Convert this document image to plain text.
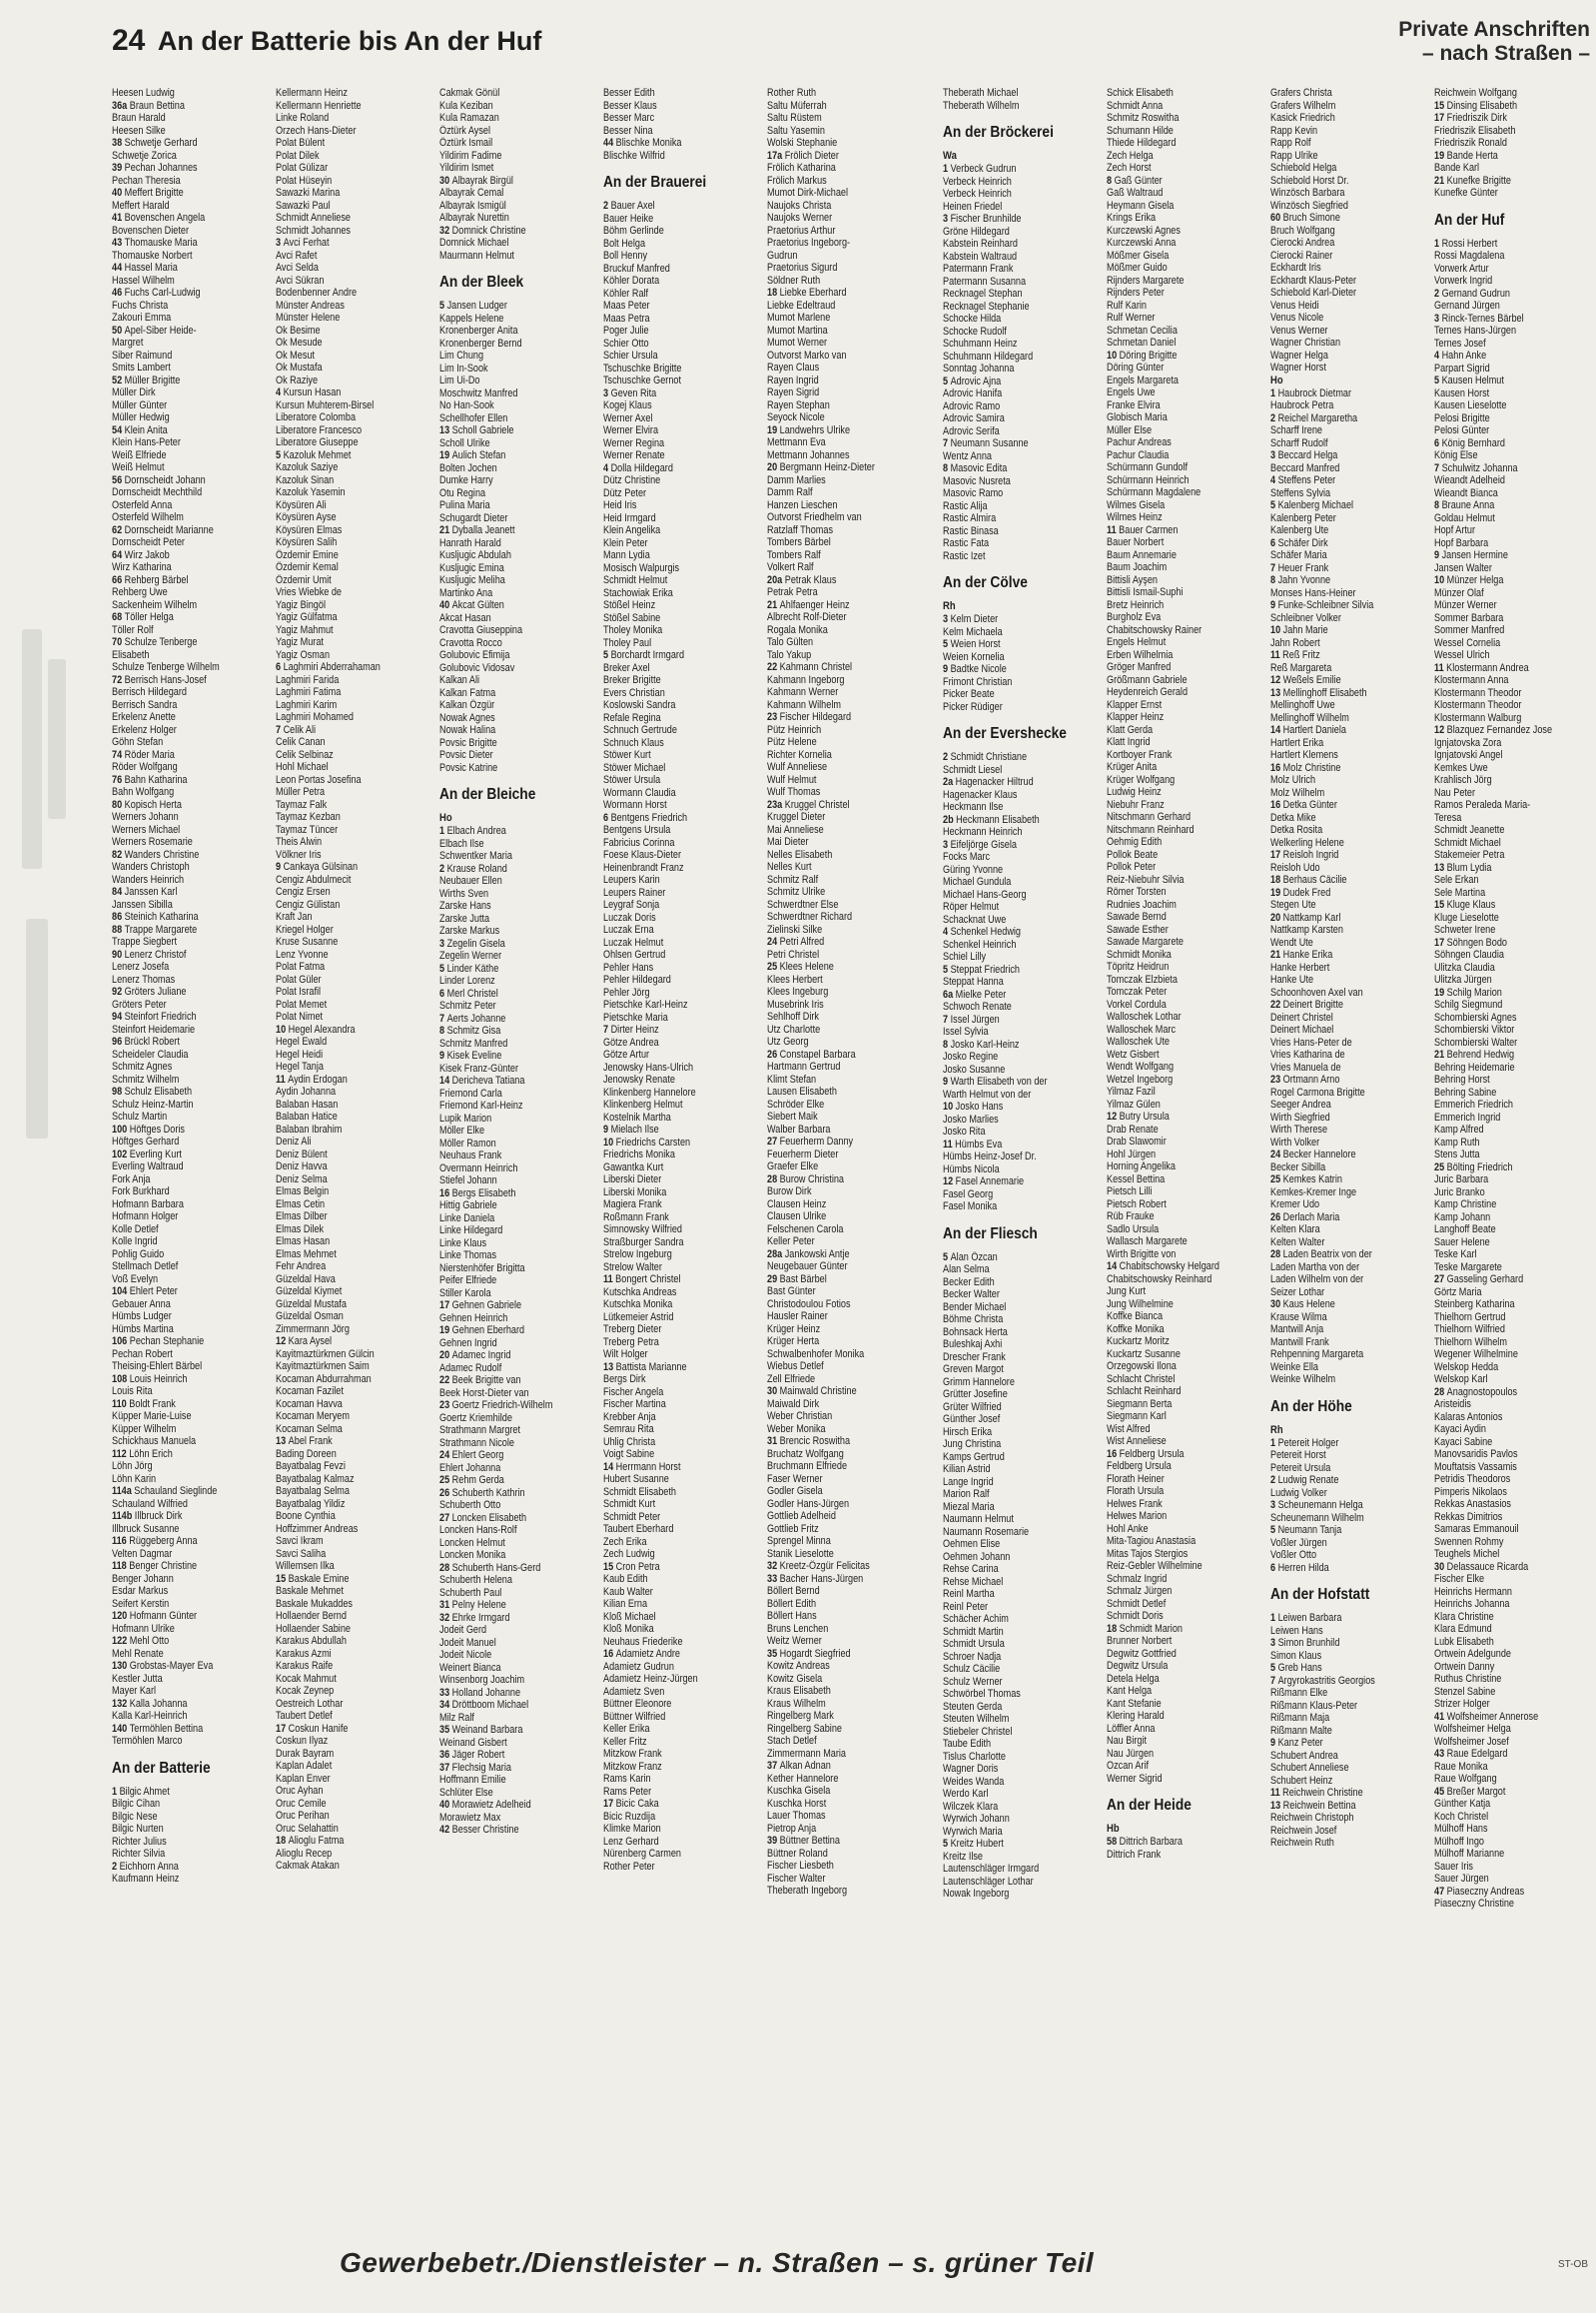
24 An der Batterie bis An der Huf	Private Anschriften
– nach Straßen –
Heesen Ludwig
36a Braun Bettina
Braun Harald
Heesen Silke
38 Schwetje Gerhard
Schwetje Zorica
39 Pechan Johannes
Pechan Theresia
40 Meffert Brigitte
Meffert Harald
41 Bovenschen Angela
Bovenschen Dieter
43 Thomauske Maria
Thomauske Norbert
44 Hassel Maria
Hassel Wilhelm
46 Fuchs Carl-Ludwig
Fuchs Christa
Zakouri Emma
50 Apel-Siber Heide-
Margret
Siber Raimund
Smits Lambert
52 Müller Brigitte
Müller Dirk
Müller Günter
Müller Hedwig
54 Klein Anita
Klein Hans-Peter
Weiß Elfriede
Weiß Helmut
56 Dornscheidt Johann
Dornscheidt Mechthild
Osterfeld Anna
Osterfeld Wilhelm
62 Dornscheidt Marianne
Dornscheidt Peter
64 Wirz Jakob
Wirz Katharina
66 Rehberg Bärbel
Rehberg Uwe
Sackenheim Wilhelm
68 Töller Helga
Töller Rolf
70 Schulze Tenberge
Elisabeth
Schulze Tenberge Wilhelm
72 Berrisch Hans-Josef
Berrisch Hildegard
Berrisch Sandra
Erkelenz Anette
Erkelenz Holger
Göhn Stefan
74 Röder Maria
Röder Wolfgang
76 Bahn Katharina
Bahn Wolfgang
80 Kopisch Herta
Werners Johann
Werners Michael
Werners Rosemarie
82 Wanders Christine
Wanders Christoph
Wanders Heinrich
84 Janssen Karl
Janssen Sibilla
86 Steinich Katharina
88 Trappe Margarete
Trappe Siegbert
90 Lenerz Christof
Lenerz Josefa
Lenerz Thomas
92 Gröters Juliane
Gröters Peter
94 Steinfort Friedrich
Steinfort Heidemarie
96 Brückl Robert
Scheideler Claudia
Schmitz Agnes
Schmitz Wilhelm
98 Schulz Elisabeth
Schulz Heinz-Martin
Schulz Martin
100 Höftges Doris
Höftges Gerhard
102 Everling Kurt
Everling Waltraud
Fork Anja
Fork Burkhard
Hofmann Barbara
Hofmann Holger
Kolle Detlef
Kolle Ingrid
Pohlig Guido
Stellmach Detlef
Voß Evelyn
104 Ehlert Peter
Gebauer Anna
Hümbs Ludger
Hümbs Martina
106 Pechan Stephanie
Pechan Robert
Theising-Ehlert Bärbel
108 Louis Heinrich
Louis Rita
110 Boldt Frank
Küpper Marie-Luise
Küpper Wilhelm
Schickhaus Manuela
112 Löhn Erich
Löhn Jörg
Löhn Karin
114a Schauland Sieglinde
Schauland Wilfried
114b Illbruck Dirk
Illbruck Susanne
116 Rüggeberg Anna
Velten Dagmar
118 Benger Christine
Benger Johann
Esdar Markus
Seifert Kerstin
120 Hofmann Günter
Hofmann Ulrike
122 Mehl Otto
Mehl Renate
130 Grobstas-Mayer Eva
Kestler Jutta
Mayer Karl
132 Kalla Johanna
Kalla Karl-Heinrich
140 Termöhlen Bettina
Termöhlen Marco
An der Batterie
1 Bilgic Ahmet
Bilgic Cihan
Bilgic Nese
Bilgic Nurten
Richter Julius
Richter Silvia
2 Eichhorn Anna
Kaufmann Heinz
Kellermann Heinz
Kellermann Henriette
Linke Roland
Orzech Hans-Dieter
Polat Bülent
Polat Dilek
Polat Gülizar
Polat Hüseyin
Sawazki Marina
Sawazki Paul
Schmidt Anneliese
Schmidt Johannes
3 Avci Ferhat
Avci Rafet
Avci Selda
Avci Sükran
Bodenbenner Andre
Münster Andreas
Münster Helene
Ok Besime
Ok Mesude
Ok Mesut
Ok Mustafa
Ok Raziye
4 Kursun Hasan
Kursun Muhterem-Birsel
Liberatore Colomba
Liberatore Francesco
Liberatore Giuseppe
5 Kazoluk Mehmet
Kazoluk Saziye
Kazoluk Sinan
Kazoluk Yasemin
Köysüren Ali
Köysüren Ayse
Köysüren Elmas
Köysüren Salih
Özdemir Emine
Özdemir Kemal
Özdemir Umit
Vries Wiebke de
Yagiz Bingöl
Yagiz Gülfatma
Yagiz Mahmut
Yagiz Murat
Yagiz Osman
6 Laghmiri Abderrahaman
Laghmiri Farida
Laghmiri Fatima
Laghmiri Karim
Laghmiri Mohamed
7 Celik Ali
Celik Canan
Celik Selbinaz
Hohl Michael
Leon Portas Josefina
Müller Petra
Taymaz Falk
Taymaz Kezban
Taymaz Tüncer
Theis Alwin
Völkner Iris
9 Cankaya Gülsinan
Cengiz Abdulmecit
Cengiz Ersen
Cengiz Gülistan
Kraft Jan
Kriegel Holger
Kruse Susanne
Lenz Yvonne
Polat Fatma
Polat Güler
Polat Israfil
Polat Memet
Polat Nimet
10 Hegel Alexandra
Hegel Ewald
Hegel Heidi
Hegel Tanja
11 Aydin Erdogan
Aydin Johanna
Balaban Hasan
Balaban Hatice
Balaban Ibrahim
Deniz Ali
Deniz Bülent
Deniz Havva
Deniz Selma
Elmas Belgin
Elmas Cetin
Elmas Dilber
Elmas Dilek
Elmas Hasan
Elmas Mehmet
Fehr Andrea
Güzeldal Hava
Güzeldal Kiymet
Güzeldal Mustafa
Güzeldal Osman
Zimmermann Jörg
12 Kara Aysel
Kayitmaztürkmen Gülcin
Kayitmaztürkmen Saim
Kocaman Abdurrahman
Kocaman Fazilet
Kocaman Havva
Kocaman Meryem
Kocaman Selma
13 Abel Frank
Bading Doreen
Bayatbalag Fevzi
Bayatbalag Kalmaz
Bayatbalag Selma
Bayatbalag Yildiz
Boone Cynthia
Hoffzimmer Andreas
Savci Ikram
Savci Saliha
Willemsen Ilka
15 Baskale Emine
Baskale Mehmet
Baskale Mukaddes
Hollaender Bernd
Hollaender Sabine
Karakus Abdullah
Karakus Azmi
Karakus Raife
Kocak Mahmut
Kocak Zeynep
Oestreich Lothar
Taubert Detlef
17 Coskun Hanife
Coskun Ilyaz
Durak Bayram
Kaplan Adalet
Kaplan Enver
Oruc Ayhan
Oruc Cemile
Oruc Perihan
Oruc Selahattin
18 Alioglu Fatma
Alioglu Recep
Cakmak Atakan
Cakmak Gönül
Kula Keziban
Kula Ramazan
Öztürk Aysel
Öztürk Ismail
Yildirim Fadime
Yildirim Ismet
30 Albayrak Birgül
Albayrak Cemal
Albayrak Ismigül
Albayrak Nurettin
32 Domnick Christine
Domnick Michael
Maurmann Helmut
An der Bleek
5 Jansen Ludger
Kappels Helene
Kronenberger Anita
Kronenberger Bernd
Lim Chung
Lim In-Sook
Lim Ui-Do
Moschwitz Manfred
No Han-Sook
Schellhofer Ellen
13 Scholl Gabriele
Scholl Ulrike
19 Aulich Stefan
Bolten Jochen
Dumke Harry
Otu Regina
Pulina Maria
Schugardt Dieter
21 Dyballa Jeanett
Hanrath Harald
Kusljugic Abdulah
Kusljugic Emina
Kusljugic Meliha
Martinko Ana
40 Akcat Gülten
Akcat Hasan
Cravotta Giuseppina
Cravotta Rocco
Golubovic Efimija
Golubovic Vidosav
Kalkan Ali
Kalkan Fatma
Kalkan Özgür
Nowak Agnes
Nowak Halina
Povsic Brigitte
Povsic Dieter
Povsic Katrine
An der Bleiche
Ho
1 Elbach Andrea
Elbach Ilse
Schwentker Maria
2 Krause Roland
Neubauer Ellen
Wirths Sven
Zarske Hans
Zarske Jutta
Zarske Markus
3 Zegelin Gisela
Zegelin Werner
5 Linder Käthe
Linder Lorenz
6 Merl Christel
Schmitz Peter
7 Aerts Johanne
8 Schmitz Gisa
Schmitz Manfred
9 Kisek Eveline
Kisek Franz-Günter
14 Dericheva Tatiana
Friemond Carla
Friemond Karl-Heinz
Lupik Marion
Möller Elke
Möller Ramon
Neuhaus Frank
Overmann Heinrich
Stiefel Johann
16 Bergs Elisabeth
Hittig Gabriele
Linke Daniela
Linke Hildegard
Linke Klaus
Linke Thomas
Nierstenhöfer Brigitta
Peifer Elfriede
Stiller Karola
17 Gehnen Gabriele
Gehnen Heinrich
19 Gehnen Eberhard
Gehnen Ingrid
20 Adamec Ingrid
Adamec Rudolf
22 Beek Brigitte van
Beek Horst-Dieter van
23 Goertz Friedrich-Wilhelm
Goertz Kriemhilde
Strathmann Margret
Strathmann Nicole
24 Ehlert Georg
Ehlert Johanna
25 Rehm Gerda
26 Schuberth Kathrin
Schuberth Otto
27 Loncken Elisabeth
Loncken Hans-Rolf
Loncken Helmut
Loncken Monika
28 Schuberth Hans-Gerd
Schuberth Helena
Schuberth Paul
31 Pelny Helene
32 Ehrke Irmgard
Jodeit Gerd
Jodeit Manuel
Jodeit Nicole
Weinert Bianca
Winsenborg Joachim
33 Holland Johanne
34 Dröttboom Michael
Milz Ralf
35 Weinand Barbara
Weinand Gisbert
36 Jäger Robert
37 Flechsig Maria
Hoffmann Emilie
Schlüter Else
40 Morawietz Adelheid
Morawietz Max
42 Besser Christine
Besser Edith
Besser Klaus
Besser Marc
Besser Nina
44 Blischke Monika
Blischke Wilfrid
An der Brauerei
2 Bauer Axel
Bauer Heike
Böhm Gerlinde
Bolt Helga
Boll Henny
Bruckuf Manfred
Köhler Dorata
Köhler Ralf
Maas Peter
Maas Petra
Poger Julie
Schier Otto
Schier Ursula
Tschuschke Brigitte
Tschuschke Gernot
3 Geven Rita
Kogej Klaus
Werner Axel
Werner Elvira
Werner Regina
Werner Renate
4 Dolla Hildegard
Dütz Christine
Dütz Peter
Heid Iris
Heid Irmgard
Klein Angelika
Klein Peter
Mann Lydia
Mosisch Walpurgis
Schmidt Helmut
Stachowiak Erika
Stößel Heinz
Stößel Sabine
Tholey Monika
Tholey Paul
5 Borchardt Irmgard
Breker Axel
Breker Brigitte
Evers Christian
Koslowski Sandra
Refale Regina
Schnuch Gertrude
Schnuch Klaus
Stöwer Kurt
Stöwer Michael
Stöwer Ursula
Wormann Claudia
Wormann Horst
6 Bentgens Friedrich
Bentgens Ursula
Fabricius Corinna
Foese Klaus-Dieter
Heinenbrandt Franz
Leupers Karin
Leupers Rainer
Leygraf Sonja
Luczak Doris
Luczak Erna
Luczak Helmut
Ohlsen Gertrud
Pehler Hans
Pehler Hildegard
Pehler Jörg
Pietschke Karl-Heinz
Pietschke Maria
7 Dirter Heinz
Götze Andrea
Götze Artur
Jenowsky Hans-Ulrich
Jenowsky Renate
Klinkenberg Hannelore
Klinkenberg Helmut
Kostelnik Martha
9 Mielach Ilse
10 Friedrichs Carsten
Friedrichs Monika
Gawantka Kurt
Liberski Dieter
Liberski Monika
Magiera Frank
Roßmann Frank
Simnowsky Wilfried
Straßburger Sandra
Strelow Ingeburg
Strelow Walter
11 Bongert Christel
Kutschka Andreas
Kutschka Monika
Lütkemeier Astrid
Treberg Dieter
Treberg Petra
Wilt Holger
13 Battista Marianne
Bergs Dirk
Fischer Angela
Fischer Martina
Krebber Anja
Semrau Rita
Uhlig Christa
Voigt Sabine
14 Herrmann Horst
Hubert Susanne
Schmidt Elisabeth
Schmidt Kurt
Schmidt Peter
Taubert Eberhard
Zech Erika
Zech Ludwig
15 Cron Petra
Kaub Edith
Kaub Walter
Kilian Erna
Kloß Michael
Kloß Monika
Neuhaus Friederike
16 Adamietz Andre
Adamietz Gudrun
Adamietz Heinz-Jürgen
Adamietz Sven
Büttner Eleonore
Büttner Wilfried
Keller Erika
Keller Fritz
Mitzkow Frank
Mitzkow Franz
Rams Karin
Rams Peter
17 Bicic Caka
Bicic Ruzdija
Klimke Marion
Lenz Gerhard
Nürenberg Carmen
Rother Peter
Rother Ruth
Saltu Müferrah
Saltu Rüstem
Saltu Yasemin
Wolski Stephanie
17a Frölich Dieter
Frölich Katharina
Frölich Markus
Mumot Dirk-Michael
Naujoks Christa
Naujoks Werner
Praetorius Arthur
Praetorius Ingeborg-
Gudrun
Praetorius Sigurd
Söldner Ruth
18 Liebke Eberhard
Liebke Edeltraud
Mumot Marlene
Mumot Martina
Mumot Werner
Outvorst Marko van
Rayen Claus
Rayen Ingrid
Rayen Sigrid
Rayen Stephan
Seyock Nicole
19 Landwehrs Ulrike
Mettmann Eva
Mettmann Johannes
20 Bergmann Heinz-Dieter
Damm Marlies
Damm Ralf
Hanzen Lieschen
Outvorst Friedhelm van
Ratzlaff Thomas
Tombers Bärbel
Tombers Ralf
Volkert Ralf
20a Petrak Klaus
Petrak Petra
21 Ahlfaenger Heinz
Albrecht Rolf-Dieter
Rogala Monika
Talo Gülten
Talo Yakup
22 Kahmann Christel
Kahmann Ingeborg
Kahmann Werner
Kahmann Wilhelm
23 Fischer Hildegard
Pütz Heinrich
Pütz Helene
Richter Kornelia
Wulf Anneliese
Wulf Helmut
Wulf Thomas
23a Kruggel Christel
Kruggel Dieter
Mai Anneliese
Mai Dieter
Nelles Elisabeth
Nelles Kurt
Schmitz Ralf
Schmitz Ulrike
Schwerdtner Else
Schwerdtner Richard
Zielinski Silke
24 Petri Alfred
Petri Christel
25 Klees Helene
Klees Herbert
Klees Ingeburg
Musebrink Iris
Sehlhoff Dirk
Utz Charlotte
Utz Georg
26 Constapel Barbara
Hartmann Gertrud
Klimt Stefan
Lausen Elisabeth
Schröder Elke
Siebert Maik
Walber Barbara
27 Feuerherm Danny
Feuerherm Dieter
Graefer Elke
28 Burow Christina
Burow Dirk
Clausen Heinz
Clausen Ulrike
Felschenen Carola
Keller Peter
28a Jankowski Antje
Neugebauer Günter
29 Bast Bärbel
Bast Günter
Christodoulou Fotios
Hausler Rainer
Krüger Heinz
Krüger Herta
Schwalbenhofer Monika
Wiebus Detlef
Zell Elfriede
30 Mainwald Christine
Maiwald Dirk
Weber Christian
Weber Monika
31 Brencic Roswitha
Bruchatz Wolfgang
Bruchmann Elfriede
Faser Werner
Godler Gisela
Godler Hans-Jürgen
Gottlieb Adelheid
Gottlieb Fritz
Sprengel Minna
Stanik Lieselotte
32 Kreetz-Özgür Felicitas
33 Bacher Hans-Jürgen
Böllert Bernd
Böllert Edith
Böllert Hans
Bruns Lenchen
Weitz Werner
35 Hogardt Siegfried
Kowitz Andreas
Kowitz Gisela
Kraus Elisabeth
Kraus Wilhelm
Ringelberg Mark
Ringelberg Sabine
Stach Detlef
Zimmermann Maria
37 Alkan Adnan
Kether Hannelore
Kuschka Gisela
Kuschka Horst
Lauer Thomas
Pietrop Anja
39 Büttner Bettina
Büttner Roland
Fischer Liesbeth
Fischer Walter
Theberath Ingeborg
Theberath Michael
Theberath Wilhelm
An der Bröckerei
Wa
1 Verbeck Gudrun
Verbeck Heinrich
Verbeck Heinrich
Heinen Friedel
3 Fischer Brunhilde
Gröne Hildegard
Kabstein Reinhard
Kabstein Waltraud
Patermann Frank
Patermann Susanna
Recknagel Stephan
Recknagel Stephanie
Schocke Hilda
Schocke Rudolf
Schuhmann Heinz
Schuhmann Hildegard
Sonntag Johanna
5 Adrovic Ajna
Adrovic Hanifa
Adrovic Ramo
Adrovic Samira
Adrovic Serifa
7 Neumann Susanne
Wentz Anna
8 Masovic Edita
Masovic Nusreta
Masovic Ramo
Rastic Alija
Rastic Almira
Rastic Binasa
Rastic Fata
Rastic Izet
An der Cölve
Rh
3 Kelm Dieter
Kelm Michaela
5 Weien Horst
Weien Kornelia
9 Badtke Nicole
Frimont Christian
Picker Beate
Picker Rüdiger
An der Evershecke
2 Schmidt Christiane
Schmidt Liesel
2a Hagenacker Hiltrud
Hagenacker Klaus
Heckmann Ilse
2b Heckmann Elisabeth
Heckmann Heinrich
3 Eifeljörge Gisela
Focks Marc
Güring Yvonne
Michael Gundula
Michael Hans-Georg
Röper Helmut
Schacknat Uwe
4 Schenkel Hedwig
Schenkel Heinrich
Schiel Lilly
5 Steppat Friedrich
Steppat Hanna
6a Mielke Peter
Schwoch Renate
7 Issel Jürgen
Issel Sylvia
8 Josko Karl-Heinz
Josko Regine
Josko Susanne
9 Warth Elisabeth von der
Warth Helmut von der
10 Josko Hans
Josko Marlies
Josko Rita
11 Hümbs Eva
Hümbs Heinz-Josef Dr.
Hümbs Nicola
12 Fasel Annemarie
Fasel Georg
Fasel Monika
An der Fliesch
5 Alan Özcan
Alan Selma
Becker Edith
Becker Walter
Bender Michael
Böhme Christa
Bohnsack Herta
Buleshkaj Axhi
Drescher Frank
Greven Margot
Grimm Hannelore
Grütter Josefine
Grüter Wilfried
Günther Josef
Hirsch Erika
Jung Christina
Kamps Gertrud
Kilian Astrid
Lange Ingrid
Marion Ralf
Miezal Maria
Naumann Helmut
Naumann Rosemarie
Oehmen Elise
Oehmen Johann
Rehse Carina
Rehse Michael
Reinl Martha
Reinl Peter
Schächer Achim
Schmidt Martin
Schmidt Ursula
Schroer Nadja
Schulz Cäcilie
Schulz Werner
Schwörbel Thomas
Steuten Gerda
Steuten Wilhelm
Stiebeler Christel
Taube Edith
Tislus Charlotte
Wagner Doris
Weides Wanda
Werdo Karl
Wilczek Klara
Wyrwich Johann
Wyrwich Maria
5 Kreitz Hubert
Kreitz Ilse
Lautenschläger Irmgard
Lautenschläger Lothar
Nowak Ingeborg
Schick Elisabeth
Schmidt Anna
Schmitz Roswitha
Schumann Hilde
Thiede Hildegard
Zech Helga
Zech Horst
8 Gaß Günter
Gaß Waltraud
Heymann Gisela
Krings Erika
Kurczewski Agnes
Kurczewski Anna
Mößmer Gisela
Mößmer Guido
Rijnders Margarete
Rijnders Peter
Rulf Karin
Rulf Werner
Schmetan Cecilia
Schmetan Daniel
10 Döring Brigitte
Döring Günter
Engels Margareta
Engels Uwe
Franke Elvira
Globisch Maria
Müller Else
Pachur Andreas
Pachur Claudia
Schürmann Gundolf
Schürmann Heinrich
Schürmann Magdalene
Wilmes Gisela
Wilmes Heinz
11 Bauer Carmen
Bauer Norbert
Baum Annemarie
Baum Joachim
Bittisli Ayşen
Bittisli Ismail-Suphi
Bretz Heinrich
Burgholz Eva
Chabitschowsky Rainer
Engels Helmut
Erben Wilhelmia
Gröger Manfred
Größmann Gabriele
Heydenreich Gerald
Klapper Ernst
Klapper Heinz
Klatt Gerda
Klatt Ingrid
Kortboyer Frank
Krüger Anita
Krüger Wolfgang
Ludwig Heinz
Niebuhr Franz
Nitschmann Gerhard
Nitschmann Reinhard
Oehmig Edith
Pollok Beate
Pollok Peter
Reiz-Niebuhr Silvia
Römer Torsten
Rudnies Joachim
Sawade Bernd
Sawade Esther
Sawade Margarete
Schmidt Monika
Töpritz Heidrun
Tomczak Elzbieta
Tomczak Peter
Vorkel Cordula
Walloschek Lothar
Walloschek Marc
Walloschek Ute
Wetz Gisbert
Wendt Wolfgang
Wetzel Ingeborg
Yilmaz Fazil
Yilmaz Gülen
12 Butry Ursula
Drab Renate
Drab Slawomir
Hohl Jürgen
Horning Angelika
Kessel Bettina
Pietsch Lilli
Pietsch Robert
Rüb Frauke
Sadlo Ursula
Wallasch Margarete
Wirth Brigitte von
14 Chabitschowsky Helgard
Chabitschowsky Reinhard
Jung Kurt
Jung Wilhelmine
Koffke Bianca
Koffke Monika
Kuckartz Moritz
Kuckartz Susanne
Orzegowski Ilona
Schlacht Christel
Schlacht Reinhard
Siegmann Berta
Siegmann Karl
Wist Alfred
Wist Anneliese
16 Feldberg Ursula
Feldberg Ursula
Florath Heiner
Florath Ursula
Helwes Frank
Helwes Marion
Hohl Anke
Mita-Tagiou Anastasia
Mitas Tajos Stergios
Reiz-Gebler Wilhelmine
Schmalz Ingrid
Schmalz Jürgen
Schmidt Detlef
Schmidt Doris
18 Schmidt Marion
Brunner Norbert
Degwitz Gottfried
Degwitz Ursula
Detela Helga
Kant Helga
Kant Stefanie
Klering Harald
Löffler Anna
Nau Birgit
Nau Jürgen
Ozcan Arif
Werner Sigrid
An der Heide
Hb
58 Dittrich Barbara
Dittrich Frank
Grafers Christa
Grafers Wilhelm
Kasick Friedrich
Rapp Kevin
Rapp Rolf
Rapp Ulrike
Schiebold Helga
Schiebold Horst Dr.
Winzösch Barbara
Winzösch Siegfried
60 Bruch Simone
Bruch Wolfgang
Cierocki Andrea
Cierocki Rainer
Eckhardt Iris
Eckhardt Klaus-Peter
Schiebold Karl-Dieter
Venus Heidi
Venus Nicole
Venus Werner
Wagner Christian
Wagner Helga
Wagner Horst
Ho
1 Haubrock Dietmar
Haubrock Petra
2 Reichel Margaretha
Scharff Irene
Scharff Rudolf
3 Beccard Helga
Beccard Manfred
4 Steffens Peter
Steffens Sylvia
5 Kalenberg Michael
Kalenberg Peter
Kalenberg Ute
6 Schäfer Dirk
Schäfer Maria
7 Heuer Frank
8 Jahn Yvonne
Monses Hans-Heiner
9 Funke-Schleibner Silvia
Schleibner Volker
10 Jahn Marie
Jahn Robert
11 Reß Fritz
Reß Margareta
12 Weßels Emilie
13 Mellinghoff Elisabeth
Mellinghoff Uwe
Mellinghoff Wilhelm
14 Hartlert Daniela
Hartlert Erika
Hartlert Klemens
16 Molz Christine
Molz Ulrich
Molz Wilhelm
16 Detka Günter
Detka Mike
Detka Rosita
Welkerling Helene
17 Reisloh Ingrid
Reisloh Udo
18 Berhaus Cäcilie
19 Dudek Fred
Stegen Ute
20 Nattkamp Karl
Nattkamp Karsten
Wendt Ute
21 Hanke Erika
Hanke Herbert
Hanke Ute
Schoonhoven Axel van
22 Deinert Brigitte
Deinert Christel
Deinert Michael
Vries Hans-Peter de
Vries Katharina de
Vries Manuela de
23 Ortmann Arno
Rogel Carmona Brigitte
Seeger Andrea
Wirth Siegfried
Wirth Therese
Wirth Volker
24 Becker Hannelore
Becker Sibilla
25 Kemkes Katrin
Kemkes-Kremer Inge
Kremer Udo
26 Derlach Maria
Kelten Klara
Kelten Walter
28 Laden Beatrix von der
Laden Martha von der
Laden Wilhelm von der
Seizer Lothar
30 Kaus Helene
Krause Wilma
Mantwill Anja
Mantwill Frank
Rehpenning Margareta
Weinke Ella
Weinke Wilhelm
An der Höhe
Rh
1 Petereit Holger
Petereit Horst
Petereit Ursula
2 Ludwig Renate
Ludwig Volker
3 Scheunemann Helga
Scheunemann Wilhelm
5 Neumann Tanja
Voßler Jürgen
Voßler Otto
6 Herren Hilda
An der Hofstatt
1 Leiwen Barbara
Leiwen Hans
3 Simon Brunhild
Simon Klaus
5 Greb Hans
7 Argyrokastritis Georgios
Rißmann Elke
Rißmann Klaus-Peter
Rißmann Maja
Rißmann Malte
9 Kanz Peter
Schubert Andrea
Schubert Anneliese
Schubert Heinz
11 Reichwein Christine
13 Reichwein Bettina
Reichwein Christoph
Reichwein Josef
Reichwein Ruth
Reichwein Wolfgang
15 Dinsing Elisabeth
17 Friedriszik Dirk
Friedriszik Elisabeth
Friedriszik Ronald
19 Bande Herta
Bande Karl
21 Kunefke Brigitte
Kunefke Günter
An der Huf
1 Rossi Herbert
Rossi Magdalena
Vorwerk Artur
Vorwerk Ingrid
2 Gernand Gudrun
Gernand Jürgen
3 Rinck-Ternes Bärbel
Ternes Hans-Jürgen
Ternes Josef
4 Hahn Anke
Parpart Sigrid
5 Kausen Helmut
Kausen Horst
Kausen Lieselotte
Pelosi Brigitte
Pelosi Günter
6 König Bernhard
König Else
7 Schulwitz Johanna
Wieandt Adelheid
Wieandt Bianca
8 Braune Anna
Goldau Helmut
Hopf Artur
Hopf Barbara
9 Jansen Hermine
Jansen Walter
10 Münzer Helga
Münzer Olaf
Münzer Werner
Sommer Barbara
Sommer Manfred
Wessel Cornelia
Wessel Ulrich
11 Klostermann Andrea
Klostermann Anna
Klostermann Theodor
Klostermann Theodor
Klostermann Walburg
12 Blazquez Fernandez Jose
Ignjatovska Zora
Ignjatovski Angel
Kemkes Uwe
Krahlisch Jörg
Nau Peter
Ramos Peraleda Maria-
Teresa
Schmidt Jeanette
Schmidt Michael
Stakemeier Petra
13 Blum Lydia
Sele Erkan
Sele Martina
15 Kluge Klaus
Kluge Lieselotte
Schweter Irene
17 Söhngen Bodo
Söhngen Claudia
Ulitzka Claudia
Ulitzka Jürgen
19 Schilg Marion
Schilg Siegmund
Schombierski Agnes
Schombierski Viktor
Schombierski Walter
21 Behrend Hedwig
Behring Heidemarie
Behring Horst
Behring Sabine
Emmerich Friedrich
Emmerich Ingrid
Kamp Alfred
Kamp Ruth
Stens Jutta
25 Bölting Friedrich
Juric Barbara
Juric Branko
Kamp Christine
Kamp Johann
Langhoff Beate
Sauer Helene
Teske Karl
Teske Margarete
27 Gasseling Gerhard
Görtz Maria
Steinberg Katharina
Thielhorn Gertrud
Thielhorn Wilfried
Thielhorn Wilhelm
Wegener Wilhelmine
Welskop Hedda
Welskop Karl
28 Anagnostopoulos
Aristeidis
Kalaras Antonios
Kayaci Aydin
Kayaci Sabine
Manovsaridis Pavlos
Mouftatsis Vassamis
Petridis Theodoros
Pimperis Nikolaos
Rekkas Anastasios
Rekkas Dimitrios
Samaras Emmanouil
Swennen Rohmy
Teughels Michel
30 Delassauce Ricarda
Fischer Elke
Heinrichs Hermann
Heinrichs Johanna
Klara Christine
Klara Edmund
Lubk Elisabeth
Ortwein Adelgunde
Ortwein Danny
Ruthus Christine
Stenzel Sabine
Strizer Holger
41 Wolfsheimer Annerose
Wolfsheimer Helga
Wolfsheimer Josef
43 Raue Edelgard
Raue Monika
Raue Wolfgang
45 Breßer Margot
Günther Katja
Koch Christel
Mülhoff Hans
Mülhoff Ingo
Mülhoff Marianne
Sauer Iris
Sauer Jürgen
47 Piaseczny Andreas
Piaseczny Christine
Gewerbebetr./Dienstleister – n. Straßen – s. grüner Teil	ST-OB
